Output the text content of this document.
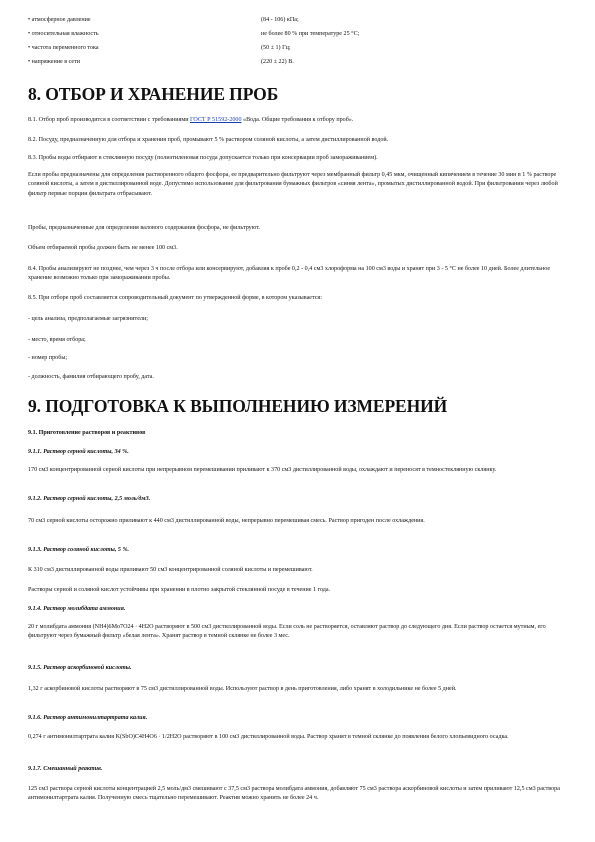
• атмосферное давление	(84 - 106) кПа;
• относительная влажность	не более 80 % при температуре 25 °С;
• частота переменного тока	(50 ± 1) Гц;
• напряжение в сети	(220 ± 22) В.
8. ОТБОР И ХРАНЕНИЕ ПРОБ
8.1. Отбор проб производится в соответствии с требованиями ГОСТ Р 51592-2000 «Вода. Общие требования к отбору проб».
8.2. Посуду, предназначенную для отбора и хранения проб, промывают 5 % раствором соляной кислоты, а затем дистиллированной водой.
8.3. Пробы воды отбирают в стеклянную посуду (полиэтиленовая посуда допускается только при консервации проб замораживанием).
Если пробы предназначены для определения растворенного общего фосфора, ее предварительно фильтруют через мембранный фильтр 0,45 мкм, очищенный кипячением в течение 30 мин в 1 % растворе соляной кислоты, а затем в дистиллированной воде. Допустимо использование для фильтрования бумажных фильтров «синяя лента», промытых дистиллированной водой. При фильтровании через любой фильтр первые порции фильтрата отбрасывают.
Пробы, предназначенные для определения валового содержания фосфора, не фильтруют.
Объем отбираемой пробы должен быть не менее 100 см3.
8.4. Пробы анализируют не позднее, чем через 3 ч после отбора или консервируют, добавляя к пробе 0,2 - 0,4 см3 хлороформа на 100 см3 воды и хранят при 3 - 5 °С не более 10 дней. Более длительное хранение возможно только при замораживании пробы.
8.5. При отборе проб составляется сопроводительный документ по утвержденной форме, в котором указывается:
- цель анализа, предполагаемые загрязнители;
- место, время отбора;
- номер пробы;
- должность, фамилия отбирающего пробу, дата.
9. ПОДГОТОВКА К ВЫПОЛНЕНИЮ ИЗМЕРЕНИЙ
9.1. Приготовление растворов и реактивов
9.1.1. Раствор серной кислоты, 34 %.
170 см3 концентрированной серной кислоты при непрерывном перемешивании приливают к 370 см3 дистиллированной воды, охлаждают и переносят в темностеклянную склянку.
9.1.2. Раствор серной кислоты, 2,5 моль/дм3.
70 см3 серной кислоты осторожно приливают к 440 см3 дистиллированной воды, непрерывно перемешивая смесь. Раствор пригоден после охлаждения.
9.1.3. Раствор соляной кислоты, 5 %.
К 310 см3 дистиллированной воды приливают 50 см3 концентрированной соляной кислоты и перемешивают.
Растворы серной и соляной кислот устойчивы при хранении в плотно закрытой стеклянной посуде в течение 1 года.
9.1.4. Раствор молибдата аммония.
20 г молибдата аммония (NH4)6Mo7O24 · 4H2O растворяют в 500 см3 дистиллированной воды. Если соль не растворяется, оставляют раствор до следующего дня. Если раствор остается мутным, его фильтруют через бумажный фильтр «белая лента». Хранят раствор в темной склянке не более 3 мес.
9.1.5. Раствор аскорбиновой кислоты.
1,32 г аскорбиновой кислоты растворяют в 75 см3 дистиллированной воды. Используют раствор в день приготовления, либо хранят в холодильнике не более 5 дней.
9.1.6. Раствор антимонилтартрата калия.
0,274 г антимонилтартрата калия K(SbO)C4H4O6 · 1/2H2O растворяют в 100 см3 дистиллированной воды. Раствор хранят в темной склянке до появления белого хлопьевидного осадка.
9.1.7. Смешанный реактив.
125 см3 раствора серной кислоты концентрацией 2,5 моль/дм3 смешивают с 37,5 см3 раствора молибдата аммония, добавляют 75 см3 раствора аскорбиновой кислоты и затем приливают 12,5 см3 раствора антимонилтартрата калия. Полученную смесь тщательно перемешивают. Реактив можно хранить не более 24 ч.
